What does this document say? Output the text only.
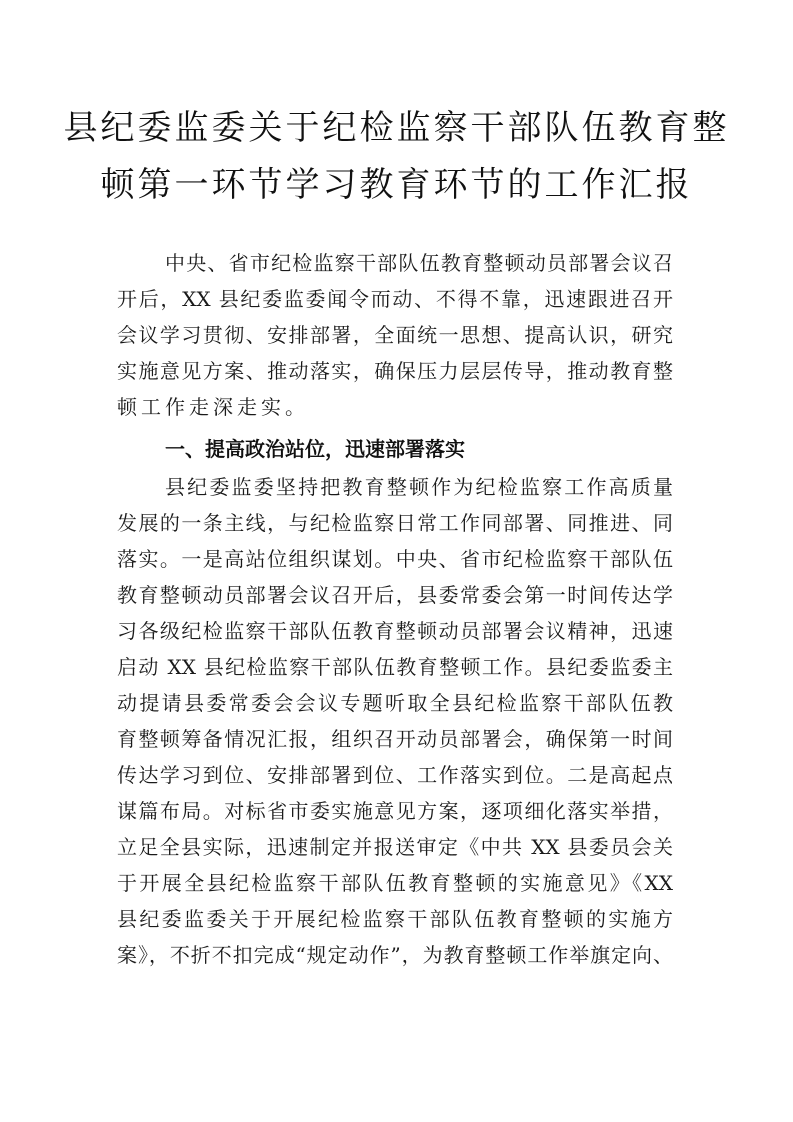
县纪委监委关于纪检监察干部队伍教育整
顿第一环节学习教育环节的工作汇报
中央、省市纪检监察干部队伍教育整顿动员部署会议召
开后，XX 县纪委监委闻令而动、不得不靠，迅速跟进召开
会议学习贯彻、安排部署，全面统一思想、提高认识，研究
实施意见方案、推动落实，确保压力层层传导，推动教育整
顿工作走深走实。
一、提高政治站位，迅速部署落实
县纪委监委坚持把教育整顿作为纪检监察工作高质量
发展的一条主线，与纪检监察日常工作同部署、同推进、同
落实。一是高站位组织谋划。中央、省市纪检监察干部队伍
教育整顿动员部署会议召开后，县委常委会第一时间传达学
习各级纪检监察干部队伍教育整顿动员部署会议精神，迅速
启动 XX 县纪检监察干部队伍教育整顿工作。县纪委监委主
动提请县委常委会会议专题听取全县纪检监察干部队伍教
育整顿筹备情况汇报，组织召开动员部署会，确保第一时间
传达学习到位、安排部署到位、工作落实到位。二是高起点
谋篇布局。对标省市委实施意见方案，逐项细化落实举措，
立足全县实际，迅速制定并报送审定《中共 XX 县委员会关
于开展全县纪检监察干部队伍教育整顿的实施意见》《XX
县纪委监委关于开展纪检监察干部队伍教育整顿的实施方
案》，不折不扣完成“规定动作”，为教育整顿工作举旗定向、
